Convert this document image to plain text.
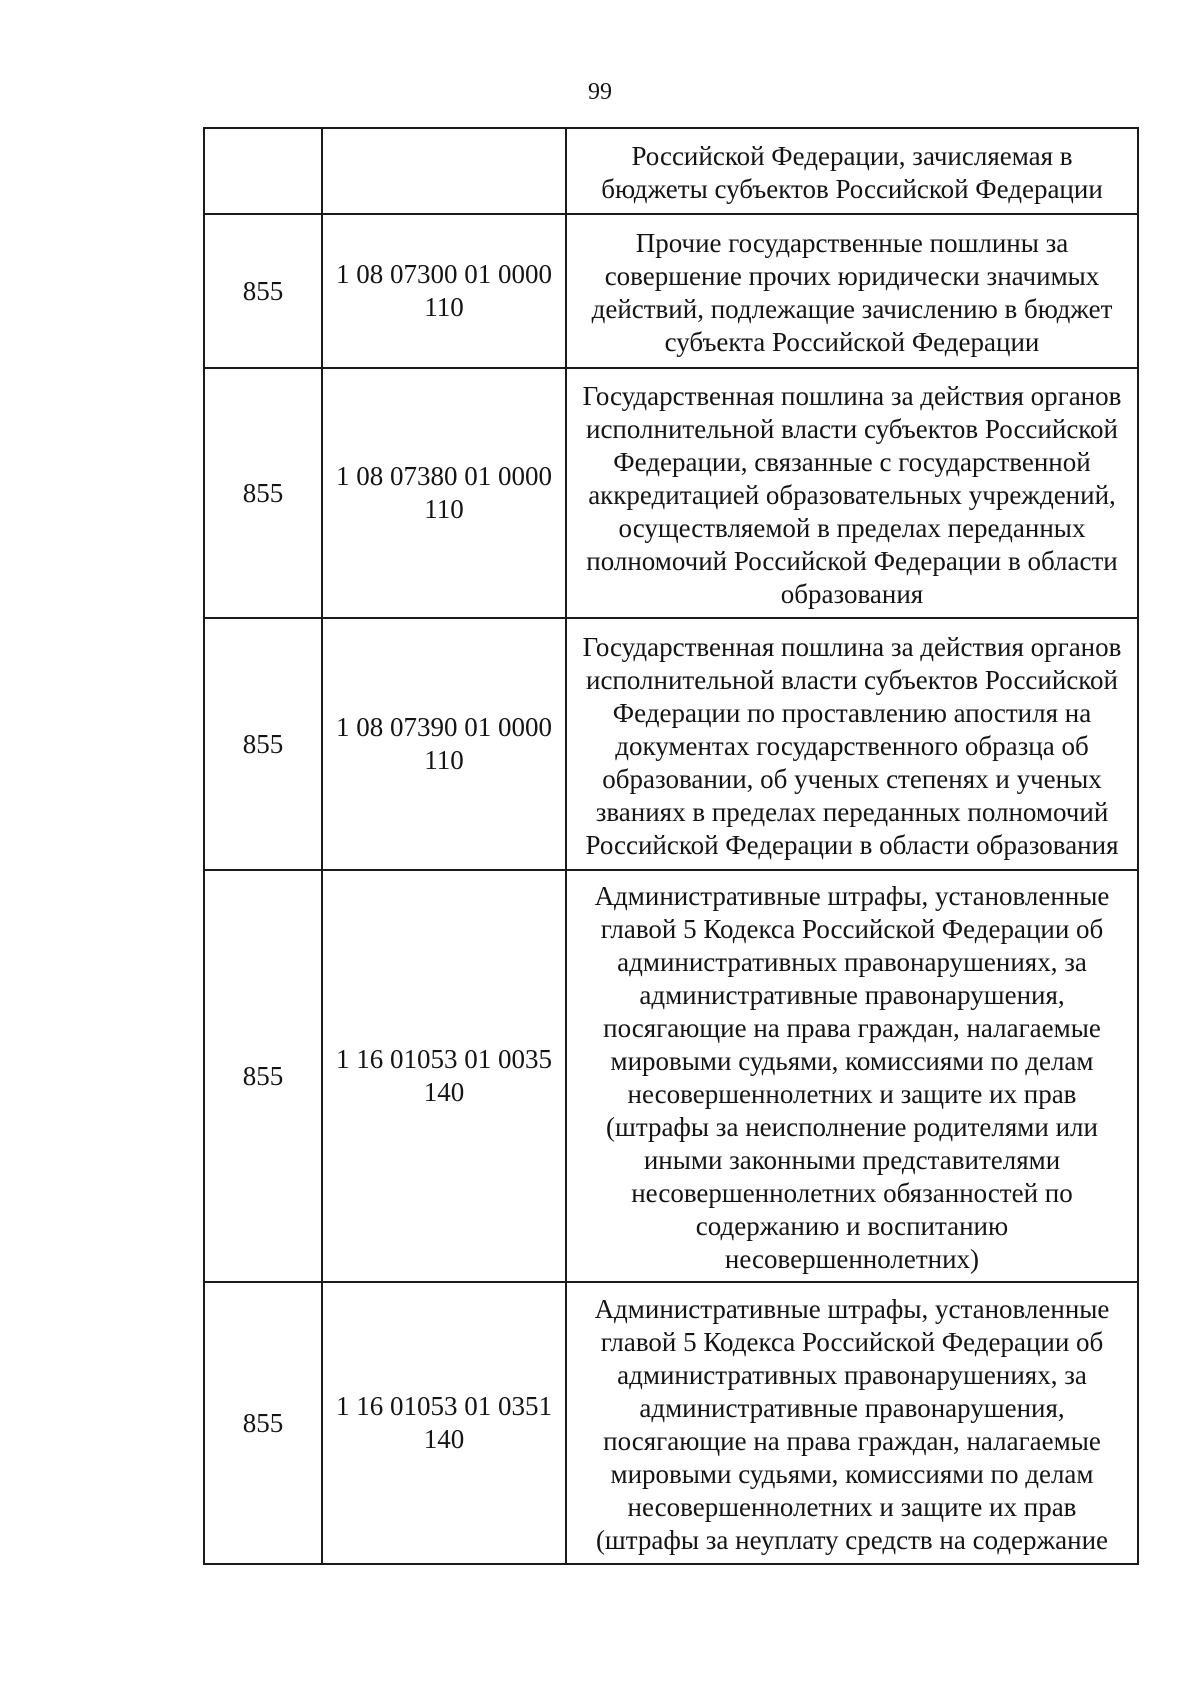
99
		Российской Федерации, зачисляемая в бюджеты субъектов Российской Федерации
855	1 08 07300 01 0000 110	Прочие государственные пошлины за совершение прочих юридически значимых действий, подлежащие зачислению в бюджет субъекта Российской Федерации
855	1 08 07380 01 0000 110	Государственная пошлина за действия органов исполнительной власти субъектов Российской Федерации, связанные с государственной аккредитацией образовательных учреждений, осуществляемой в пределах переданных полномочий Российской Федерации в области образования
855	1 08 07390 01 0000 110	Государственная пошлина за действия органов исполнительной власти субъектов Российской Федерации по проставлению апостиля на документах государственного образца об образовании, об ученых степенях и ученых званиях в пределах переданных полномочий Российской Федерации в области образования
855	1 16 01053 01 0035 140	Административные штрафы, установленные главой 5 Кодекса Российской Федерации об административных правонарушениях, за административные правонарушения, посягающие на права граждан, налагаемые мировыми судьями, комиссиями по делам несовершеннолетних и защите их прав (штрафы за неисполнение родителями или иными законными представителями несовершеннолетних обязанностей по содержанию и воспитанию несовершеннолетних)
855	1 16 01053 01 0351 140	Административные штрафы, установленные главой 5 Кодекса Российской Федерации об административных правонарушениях, за административные правонарушения, посягающие на права граждан, налагаемые мировыми судьями, комиссиями по делам несовершеннолетних и защите их прав (штрафы за неуплату средств на содержание
